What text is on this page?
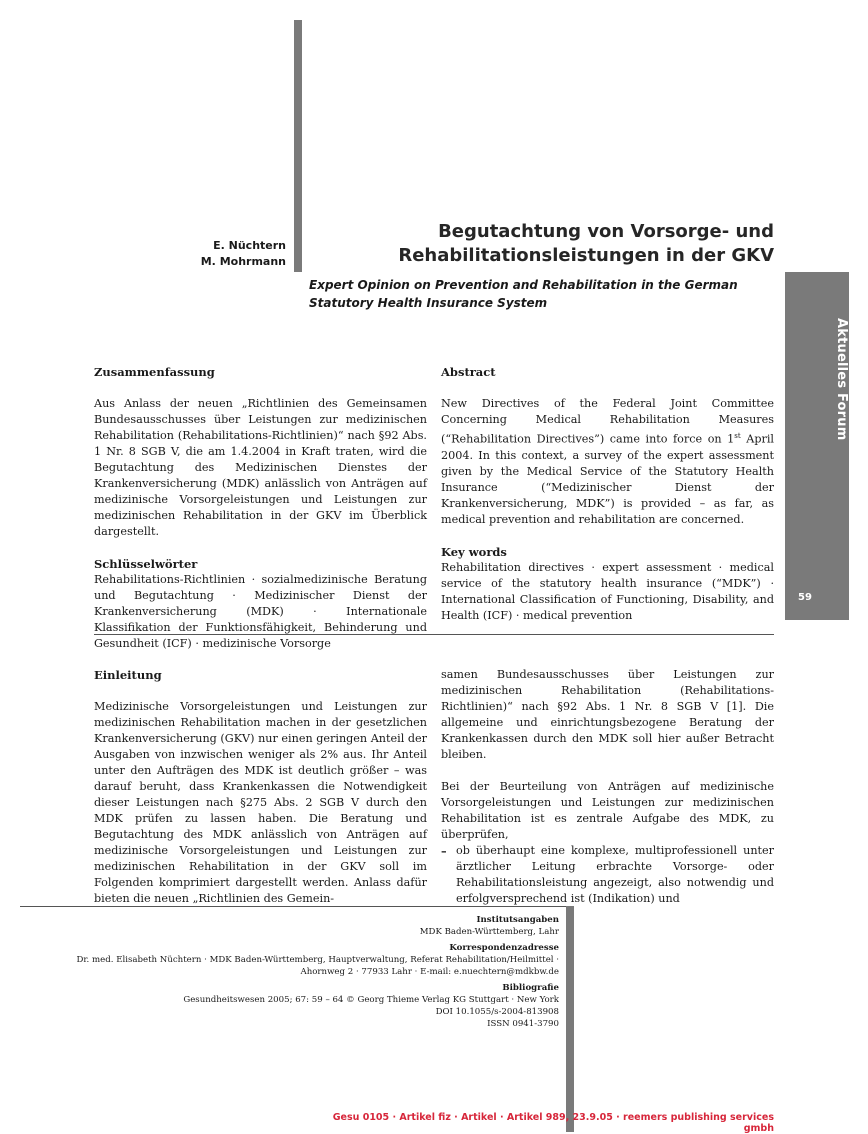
Aktuelles Forum
59
E. Nüchtern
M. Mohrmann
Begutachtung von Vorsorge- und
Rehabilitationsleistungen in der GKV
Expert Opinion on Prevention and Rehabilitation in the German Statutory Health Insurance System
Zusammenfassung

Aus Anlass der neuen „Richtlinien des Gemeinsamen Bundesausschusses über Leistungen zur medizinischen Rehabilitation (Rehabilitations-Richtlinien)“ nach §92 Abs. 1 Nr. 8 SGB V, die am 1.4.2004 in Kraft traten, wird die Begutachtung des Medizinischen Dienstes der Krankenversicherung (MDK) anlässlich von Anträgen auf medizinische Vorsorgeleistungen und Leistungen zur medizinischen Rehabilitation in der GKV im Überblick dargestellt.

Schlüsselwörter

Rehabilitations-Richtlinien · sozialmedizinische Beratung und Begutachtung · Medizinischer Dienst der Krankenversicherung (MDK) · Internationale Klassifikation der Funktionsfähigkeit, Behinderung und Gesundheit (ICF) · medizinische Vorsorge

Abstract

New Directives of the Federal Joint Committee Concerning Medical Rehabilitation Measures (“Rehabilitation Directives”) came into force on 1st April 2004. In this context, a survey of the expert assessment given by the Medical Service of the Statutory Health Insurance (“Medizinischer Dienst der Krankenversicherung, MDK”) is provided – as far, as medical prevention and rehabilitation are concerned.

Key words

Rehabilitation directives · expert assessment · medical service of the statutory health insurance (“MDK”) · International Classification of Functioning, Disability, and Health (ICF) · medical prevention

Einleitung

Medizinische Vorsorgeleistungen und Leistungen zur medizinischen Rehabilitation machen in der gesetzlichen Krankenversicherung (GKV) nur einen geringen Anteil der Ausgaben von inzwischen weniger als 2% aus. Ihr Anteil unter den Aufträgen des MDK ist deutlich größer – was darauf beruht, dass Krankenkassen die Notwendigkeit dieser Leistungen nach §275 Abs. 2 SGB V durch den MDK prüfen zu lassen haben. Die Beratung und Begutachtung des MDK anlässlich von Anträgen auf medizinische Vorsorgeleistungen und Leistungen zur medizinischen Rehabilitation in der GKV soll im Folgenden komprimiert dargestellt werden. Anlass dafür bieten die neuen „Richtlinien des Gemein-

samen Bundesausschusses über Leistungen zur medizinischen Rehabilitation (Rehabilitations-Richtlinien)“ nach §92 Abs. 1 Nr. 8 SGB V [1]. Die allgemeine und einrichtungsbezogene Beratung der Krankenkassen durch den MDK soll hier außer Betracht bleiben.

Bei der Beurteilung von Anträgen auf medizinische Vorsorgeleistungen und Leistungen zur medizinischen Rehabilitation ist es zentrale Aufgabe des MDK, zu überprüfen,

– ob überhaupt eine komplexe, multiprofessionell unter ärztlicher Leitung erbrachte Vorsorge- oder Rehabilitationsleistung angezeigt, also notwendig und erfolgversprechend ist (Indikation) und
Institutsangaben
MDK Baden-Württemberg, Lahr
Korrespondenzadresse
Dr. med. Elisabeth Nüchtern · MDK Baden-Württemberg, Hauptverwaltung, Referat Rehabilitation/Heilmittel ·
Ahornweg 2 · 77933 Lahr · E-mail: e.nuechtern@mdkbw.de
Bibliografie
Gesundheitswesen 2005; 67: 59 – 64 © Georg Thieme Verlag KG Stuttgart · New York
DOI 10.1055/s-2004-813908
ISSN 0941-3790
Gesu 0105 · Artikel fiz · Artikel · Artikel 989, 23.9.05 · reemers publishing services gmbh
